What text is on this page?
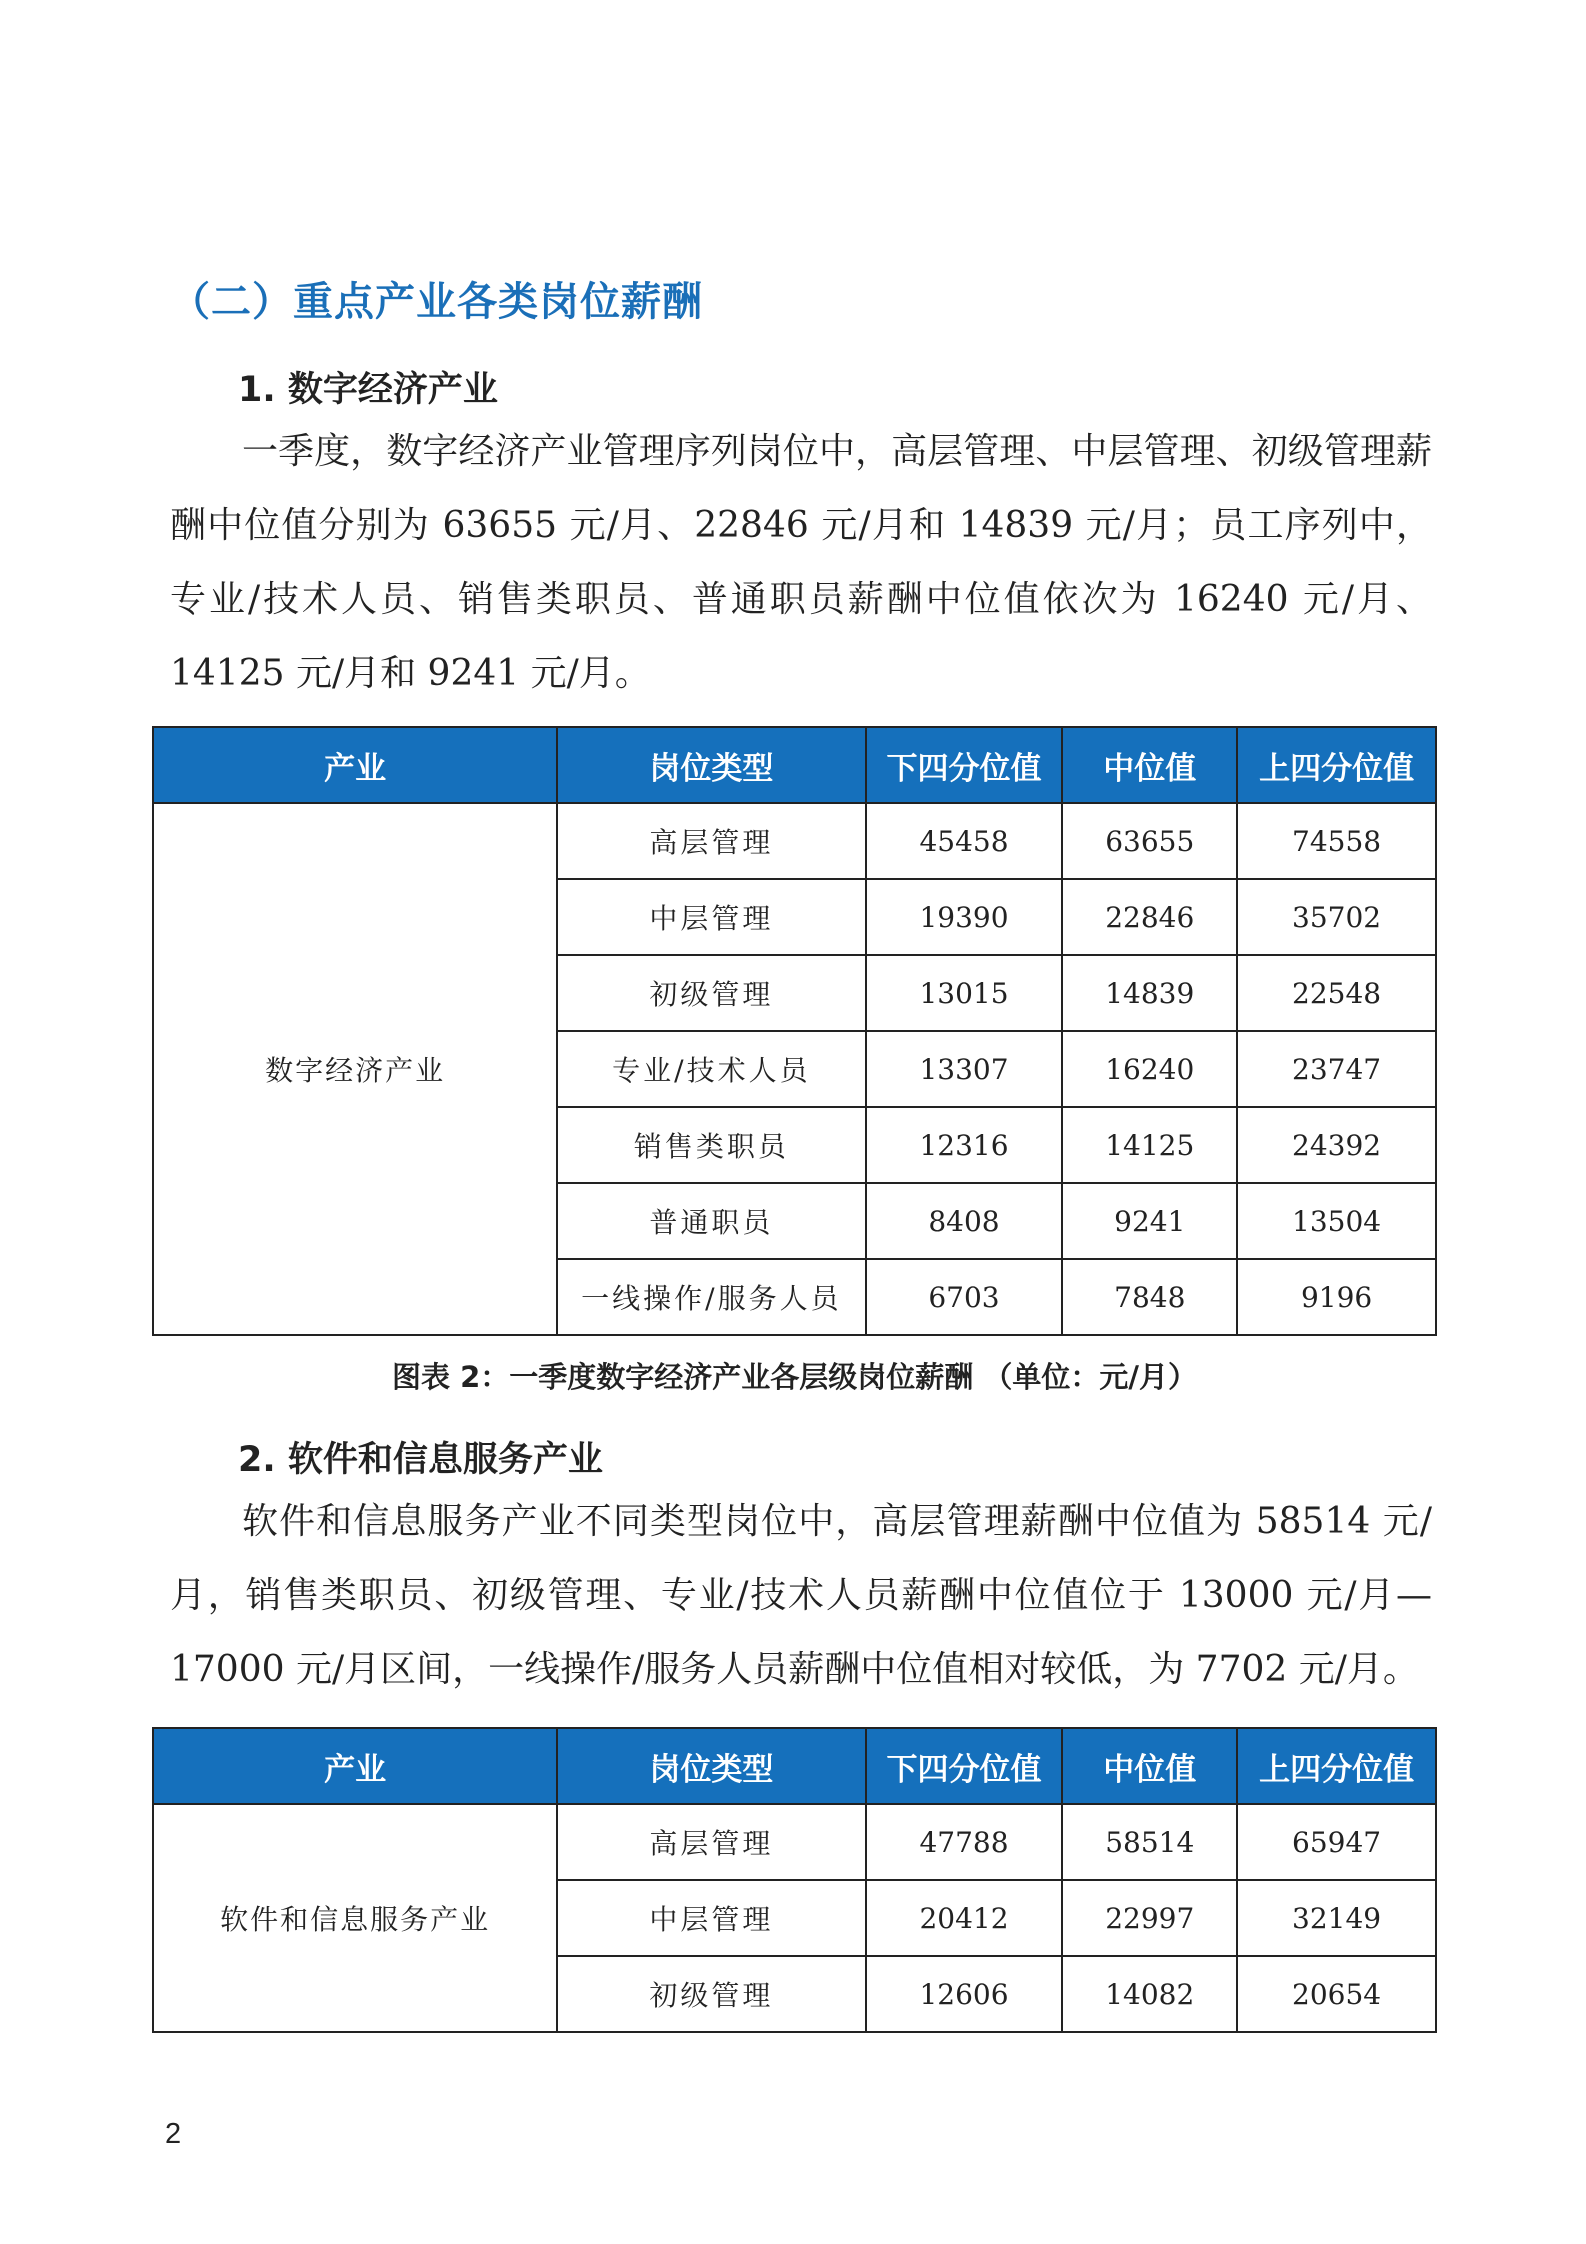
（二）重点产业各类岗位薪酬
1. 数字经济产业
一季度，数字经济产业管理序列岗位中，高层管理、中层管理、初级管理薪酬中位值分别为 63655 元/月、22846 元/月和 14839 元/月；员工序列中，专业/技术人员、销售类职员、普通职员薪酬中位值依次为 16240 元/月、14125 元/月和 9241 元/月。
产业	岗位类型	下四分位值	中位值	上四分位值
数字经济产业	高层管理	45458	63655	74558
	中层管理	19390	22846	35702
	初级管理	13015	14839	22548
	专业/技术人员	13307	16240	23747
	销售类职员	12316	14125	24392
	普通职员	8408	9241	13504
	一线操作/服务人员	6703	7848	9196
图表 2：一季度数字经济产业各层级岗位薪酬 （单位：元/月）
2. 软件和信息服务产业
软件和信息服务产业不同类型岗位中，高层管理薪酬中位值为 58514 元/月，销售类职员、初级管理、专业/技术人员薪酬中位值位于 13000 元/月—17000 元/月区间，一线操作/服务人员薪酬中位值相对较低，为 7702 元/月。
产业	岗位类型	下四分位值	中位值	上四分位值
软件和信息服务产业	高层管理	47788	58514	65947
	中层管理	20412	22997	32149
	初级管理	12606	14082	20654
2
